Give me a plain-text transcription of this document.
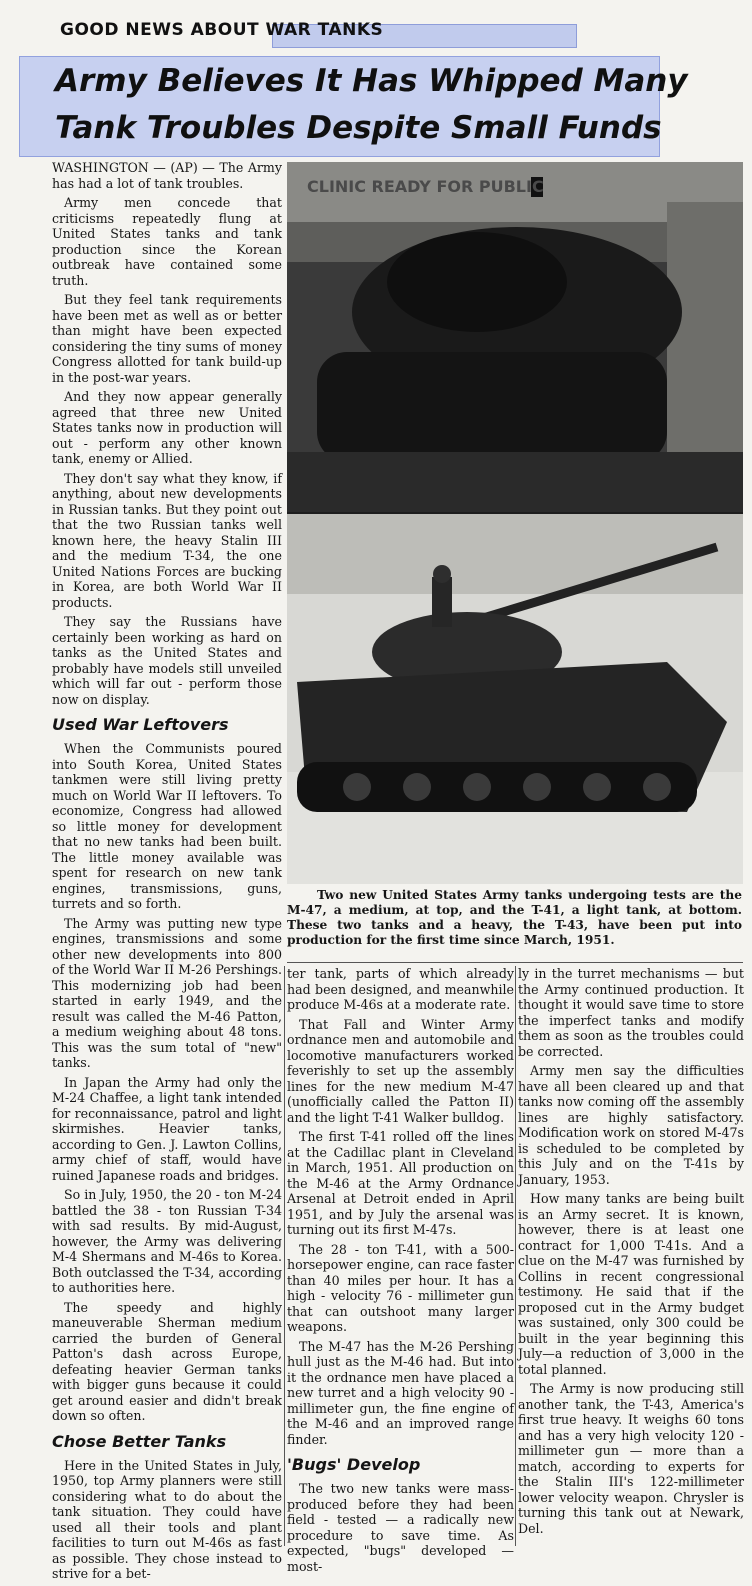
GOOD NEWS ABOUT WAR TANKS
Army Believes It Has Whipped Many
Tank Troubles Despite Small Funds

WASHINGTON — (AP) — The Army has had a lot of tank troubles.

Army men concede that criticisms repeatedly flung at United States tanks and tank production since the Korean outbreak have contained some truth.

But they feel tank requirements have been met as well as or better than might have been expected considering the tiny sums of money Congress allotted for tank build-up in the post-war years.

And they now appear generally agreed that three new United States tanks now in production will out - perform any other known tank, enemy or Allied.

They don't say what they know, if anything, about new developments in Russian tanks. But they point out that the two Russian tanks well known here, the heavy Stalin III and the medium T-34, the one United Nations Forces are bucking in Korea, are both World War II products.

They say the Russians have certainly been working as hard on tanks as the United States and probably have models still unveiled which will far out - perform those now on display.

Used War Leftovers

When the Communists poured into South Korea, United States tankmen were still living pretty much on World War II leftovers. To economize, Congress had allowed so little money for development that no new tanks had been built. The little money available was spent for research on new tank engines, transmissions, guns, turrets and so forth.

The Army was putting new type engines, transmissions and some other new developments into 800 of the World War II M-26 Pershings. This modernizing job had been started in early 1949, and the result was called the M-46 Patton, a medium weighing about 48 tons. This was the sum total of "new" tanks.

In Japan the Army had only the M-24 Chaffee, a light tank intended for reconnaissance, patrol and light skirmishes. Heavier tanks, according to Gen. J. Lawton Collins, army chief of staff, would have ruined Japanese roads and bridges.

So in July, 1950, the 20 - ton M-24 battled the 38 - ton Russian T-34 with sad results. By mid-August, however, the Army was delivering M-4 Shermans and M-46s to Korea. Both outclassed the T-34, according to authorities here.

The speedy and highly maneuverable Sherman medium carried the burden of General Patton's dash across Europe, defeating heavier German tanks with bigger guns because it could get around easier and didn't break down so often.

Chose Better Tanks

Here in the United States in July, 1950, top Army planners were still considering what to do about the tank situation. They could have used all their tools and plant facilities to turn out M-46s as fast as possible. They chose instead to strive for a bet-

CLINIC READY FOR PUBLIC

Two new United States Army tanks undergoing tests are the M-47, a medium, at top, and the T-41, a light tank, at bottom. These two tanks and a heavy, the T-43, have been put into production for the first time since March, 1951.

ter tank, parts of which already had been designed, and meanwhile produce M-46s at a moderate rate.

That Fall and Winter Army ordnance men and automobile and locomotive manufacturers worked feverishly to set up the assembly lines for the new medium M-47 (unofficially called the Patton II) and the light T-41 Walker bulldog.

The first T-41 rolled off the lines at the Cadillac plant in Cleveland in March, 1951. All production on the M-46 at the Army Ordnance Arsenal at Detroit ended in April 1951, and by July the arsenal was turning out its first M-47s.

The 28 - ton T-41, with a 500-horsepower engine, can race faster than 40 miles per hour. It has a high - velocity 76 - millimeter gun that can outshoot many larger weapons.

The M-47 has the M-26 Pershing hull just as the M-46 had. But into it the ordnance men have placed a new turret and a high velocity 90 - millimeter gun, the fine engine of the M-46 and an improved range finder.

'Bugs' Develop

The two new tanks were mass-produced before they had been field - tested — a radically new procedure to save time. As expected, "bugs" developed — most-

ly in the turret mechanisms — but the Army continued production. It thought it would save time to store the imperfect tanks and modify them as soon as the troubles could be corrected.

Army men say the difficulties have all been cleared up and that tanks now coming off the assembly lines are highly satisfactory. Modification work on stored M-47s is scheduled to be completed by this July and on the T-41s by January, 1953.

How many tanks are being built is an Army secret. It is known, however, there is at least one contract for 1,000 T-41s. And a clue on the M-47 was furnished by Collins in recent congressional testimony. He said that if the proposed cut in the Army budget was sustained, only 300 could be built in the year beginning this July—a reduction of 3,000 in the total planned.

The Army is now producing still another tank, the T-43, America's first true heavy. It weighs 60 tons and has a very high velocity 120 - millimeter gun — more than a match, according to experts for the Stalin III's 122-millimeter lower velocity weapon. Chrysler is turning this tank out at Newark, Del.
